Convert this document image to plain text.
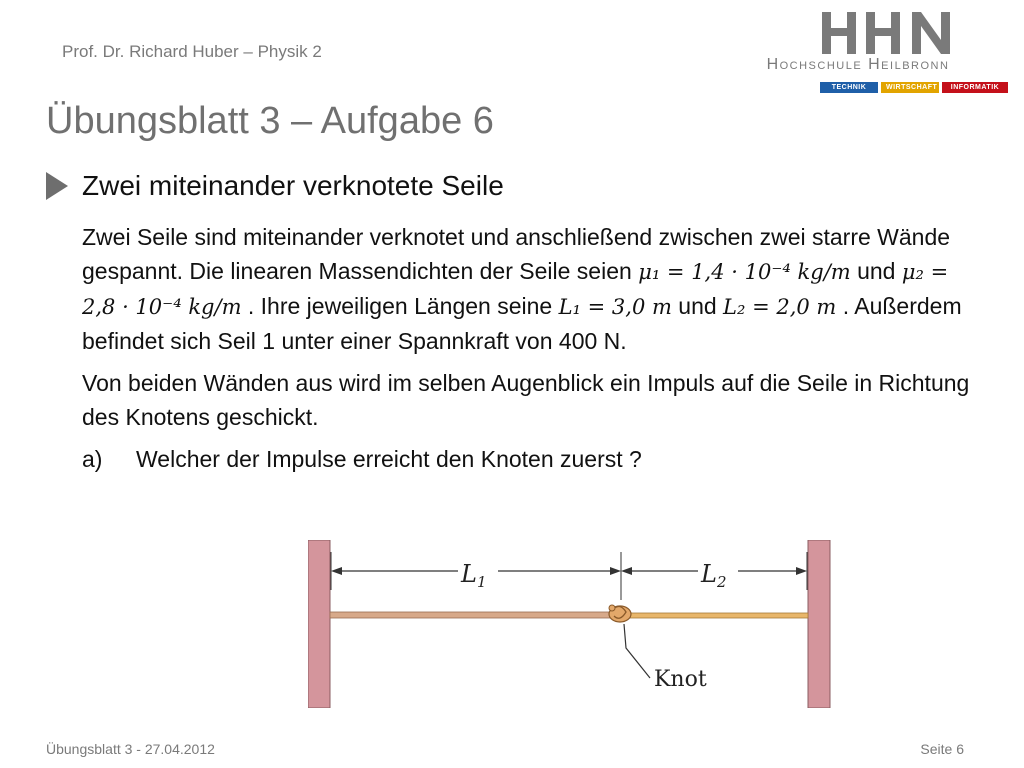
Prof. Dr. Richard Huber – Physik 2
Hochschule Heilbronn
TECHNIK	WIRTSCHAFT	INFORMATIK
Übungsblatt 3 – Aufgabe 6
Zwei miteinander verknotete Seile

Zwei Seile sind miteinander verknotet und anschließend zwischen zwei starre Wände gespannt. Die linearen Massendichten der Seile seien μ₁ = 1,4 · 10⁻⁴ kg/m und μ₂ = 2,8 · 10⁻⁴ kg/m . Ihre jeweiligen Längen seine L₁ = 3,0 m und L₂ = 2,0 m . Außerdem befindet sich Seil 1 unter einer Spannkraft von 400 N.

Von beiden Wänden aus wird im selben Augenblick ein Impuls auf die Seile in Richtung des Knotens geschickt.

a)	Welcher der Impulse erreicht den Knoten zuerst ?
$L_1$	$L_2$
Knot
Übungsblatt 3 - 27.04.2012	Seite 6
